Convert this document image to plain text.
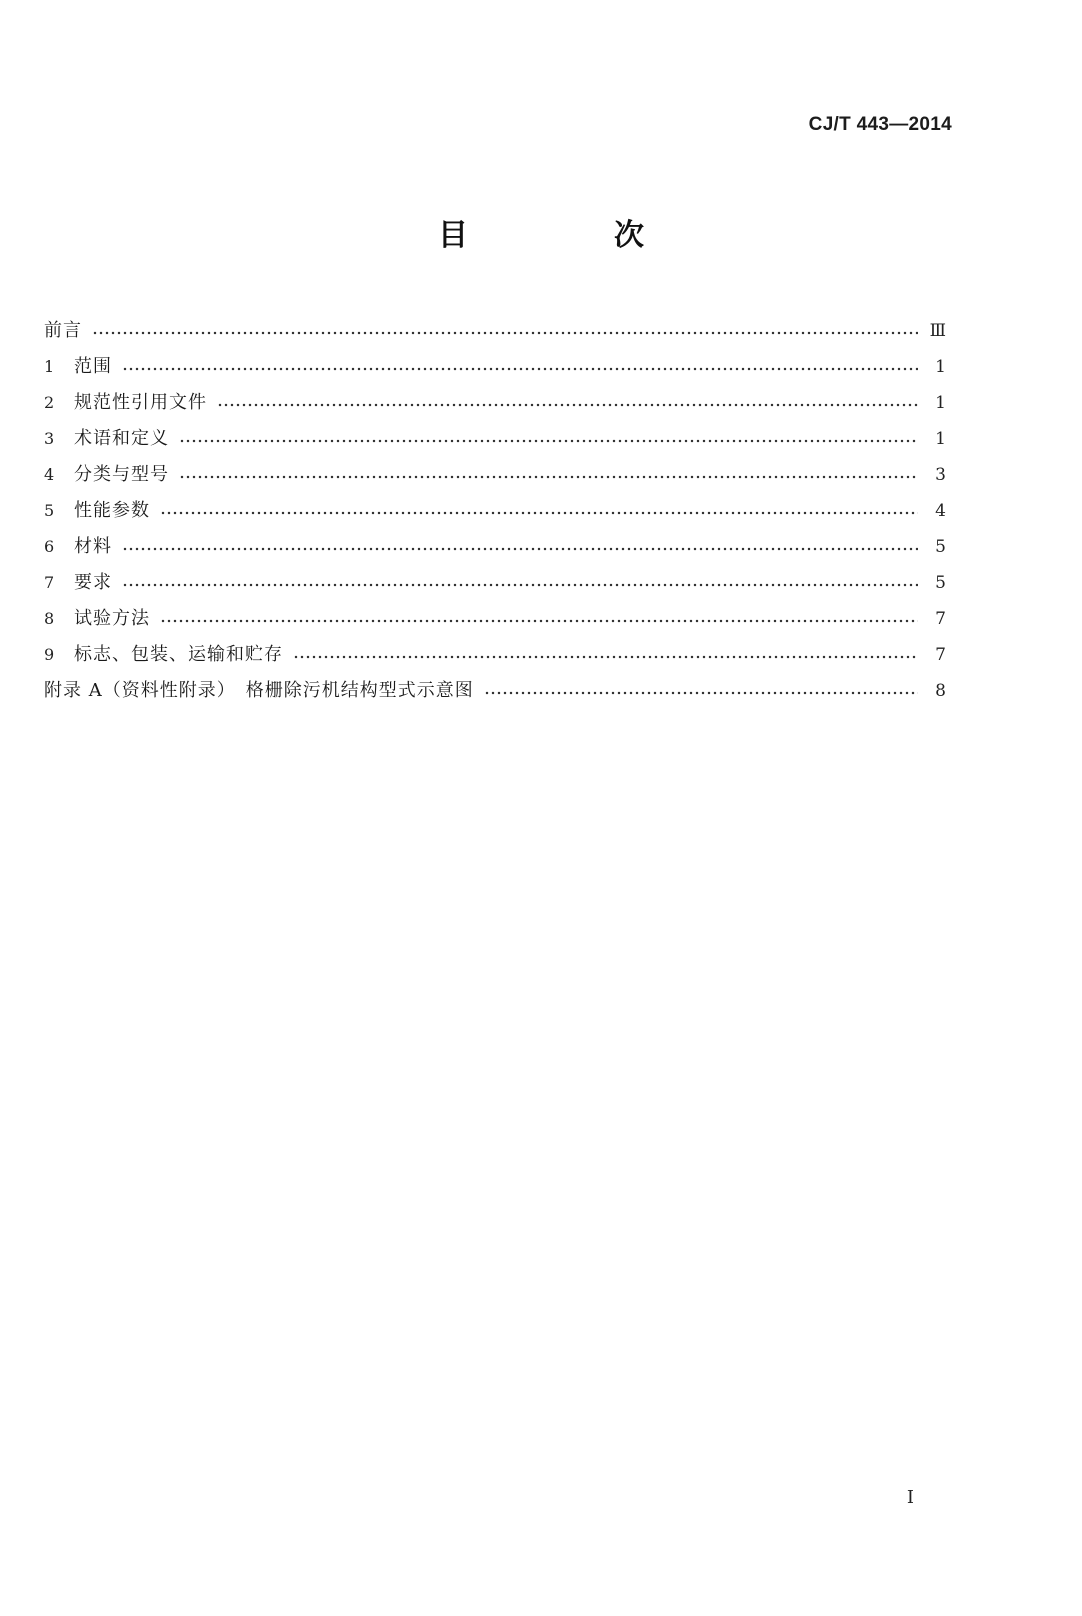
CJ/T 443—2014
目　次
前言	Ⅲ
1	范围	1
2	规范性引用文件	1
3	术语和定义	1
4	分类与型号	3
5	性能参数	4
6	材料	5
7	要求	5
8	试验方法	7
9	标志、包装、运输和贮存	7
附录 A（资料性附录）　格栅除污机结构型式示意图	8
I
